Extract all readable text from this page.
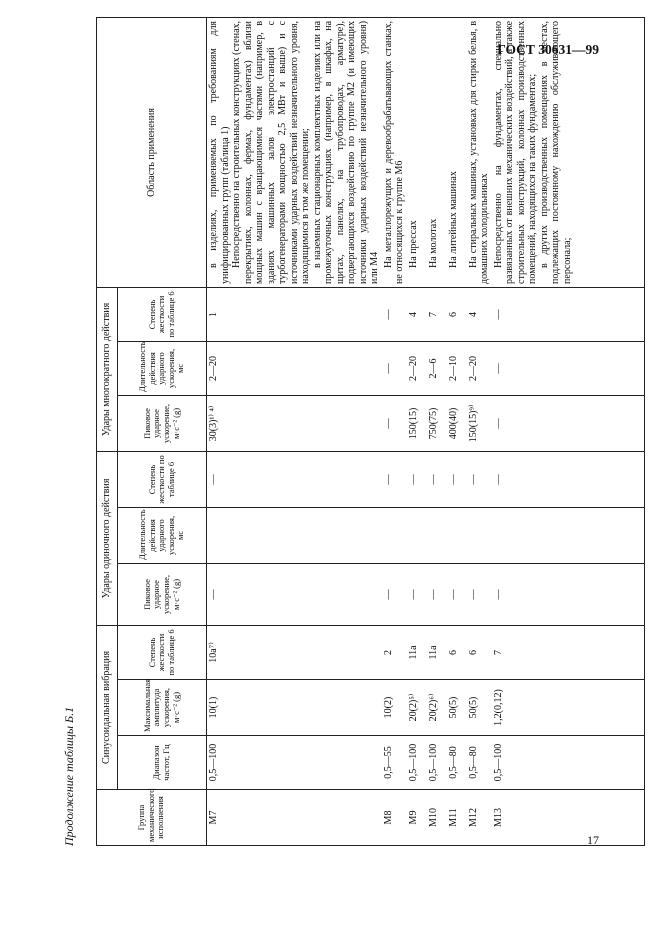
ГОСТ 30631—99
Продолжение таблицы Б.1	Группа механического исполнения	Синусоидальная вибрация			Удары одиночного действия			Удары многократного действия			Область применения
	Диапазон частот, Гц	Максимальная амплитуда ускорения, м·с⁻² (g)	Степень жесткости по таблице 6	Пиковое ударное ускорение, м·с⁻² (g)	Длительность действия ударного ускорения, мс	Степень жесткости по таблице 6	Пиковое ударное ускорение, м·с⁻² (g)	Длительность действия ударного ускорения, мс	Степень жесткости по таблице 6	
М7	0,5—100	10(1)	10а⁷⁾	—		—	30(3)¹⁾ ⁴⁾	2—20	1	в изделиях, применяемых по требованиям для унифицированных групп (таблица 1) Непосредственно на строительных конструкциях (стенах, перекрытиях, колоннах, фермах, фундаментах) вблизи мощных машин с вращающимися частями (например, в зданиях машинных залов электростанций с турбогенераторами мощностью 2,5 МВт и выше) и с источниками ударных воздействий незначительного уровня, находящимися в том же помещении; в наземных стационарных комплектных изделиях или на промежуточных конструкциях (например, в шкафах, на щитах, панелях, на трубопроводах, арматуре), подвергающихся воздействию по группе М2 (и имеющих источники ударных воздействий незначительного уровня) или М4

М8	0,5—55	10(2)	2	—		—	—	—	—	На металлорежущих и деревообрабатывающих станках, не относящихся к группе М6

М9	0,5—100	20(2)⁵⁾	11а	—		—	150(15)	2—20	4	На прессах

М10	0,5—100	20(2)⁶⁾	11а	—		—	750(75)	2—6	7	На молотах

М11	0,5—80	50(5)	6	—		—	400(40)	2—10	6	На литейных машинах

М12	0,5—80	50(5)	6	—		—	150(15)⁹⁾	2—20	4	На стиральных машинах, установках для стирки белья, в домашних холодильниках

М13	0,5—100	1,2(0,12)	7	—		—	—	—	—	Непосредственно на фундаментах, специально развязанных от внешних механических воздействий, а также строительных конструкций, колоннах производственных помещений, находящихся на таких фундаментах; в других производственных помещениях в местах, подлежащих постоянному нахождению обслуживающего персонала;
17
